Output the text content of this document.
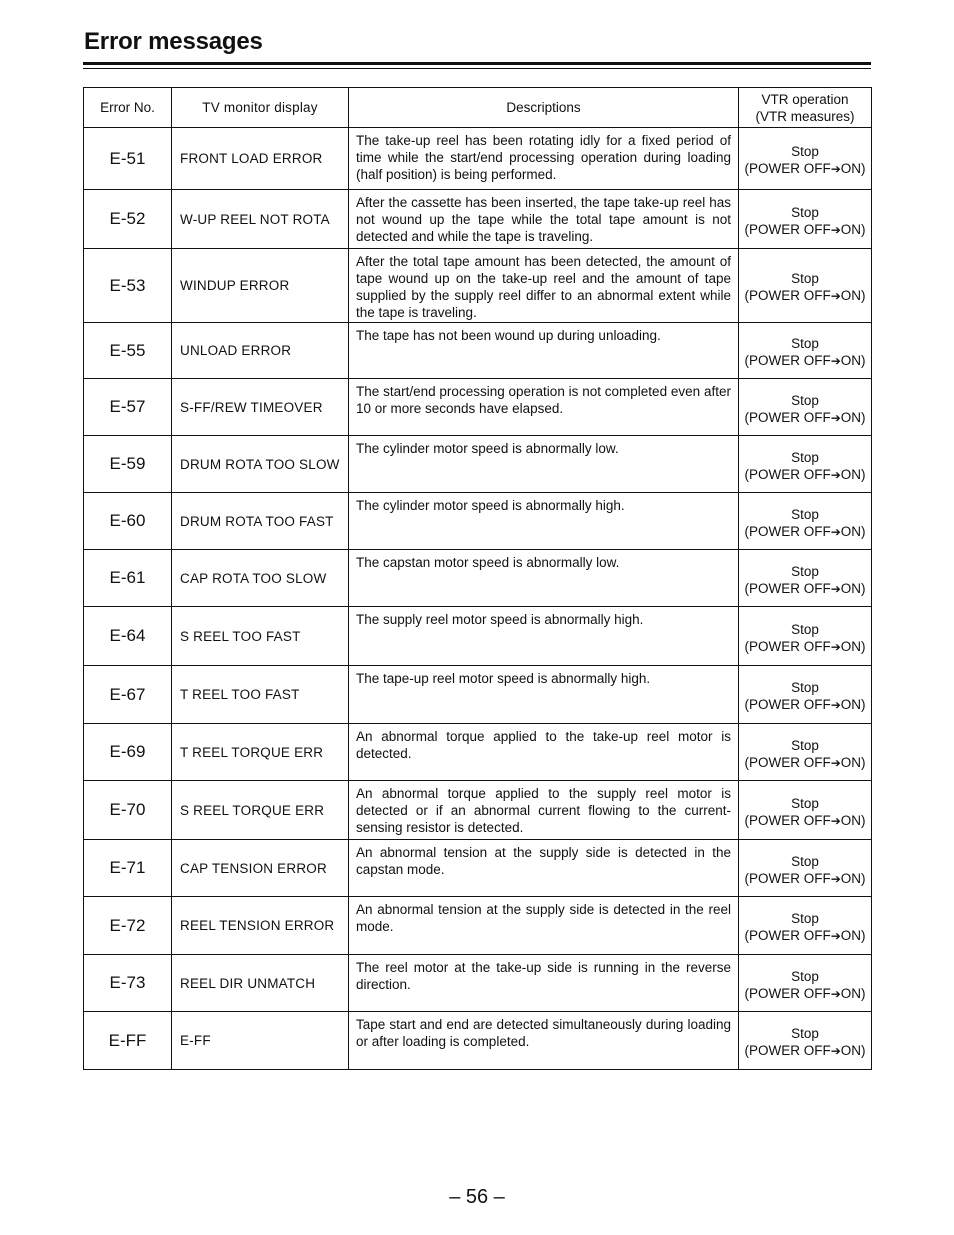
Error messages
Error No.	TV monitor display	Descriptions	VTR operation
(VTR measures)

E-51	FRONT LOAD ERROR	The take-up reel has been rotating idly for a fixed period of time while the start/end processing operation during loading (half position) is being performed.	Stop
(POWER OFF➔ON)

E-52	W-UP REEL NOT ROTA	After the cassette has been inserted, the tape take-up reel has not wound up the tape while the total tape amount is not detected and while the tape is traveling.	Stop
(POWER OFF➔ON)

E-53	WINDUP ERROR	After the total tape amount has been detected, the amount of tape wound up on the take-up reel and the amount of tape supplied by the supply reel differ to an abnormal extent while the tape is traveling.	Stop
(POWER OFF➔ON)

E-55	UNLOAD ERROR	The tape has not been wound up during unloading.	Stop
(POWER OFF➔ON)

E-57	S-FF/REW TIMEOVER	The start/end processing operation is not completed even after 10 or more seconds have elapsed.	Stop
(POWER OFF➔ON)

E-59	DRUM ROTA TOO SLOW	The cylinder motor speed is abnormally low.	Stop
(POWER OFF➔ON)

E-60	DRUM ROTA TOO FAST	The cylinder motor speed is abnormally high.	Stop
(POWER OFF➔ON)

E-61	CAP ROTA TOO SLOW	The capstan motor speed is abnormally low.	Stop
(POWER OFF➔ON)

E-64	S REEL TOO FAST	The supply reel motor speed is abnormally high.	Stop
(POWER OFF➔ON)

E-67	T REEL TOO FAST	The tape-up reel motor speed is abnormally high.	Stop
(POWER OFF➔ON)

E-69	T REEL TORQUE ERR	An abnormal torque applied to the take-up reel motor is detected.	Stop
(POWER OFF➔ON)

E-70	S REEL TORQUE ERR	An abnormal torque applied to the supply reel motor is detected or if an abnormal current flowing to the current-sensing resistor is detected.	Stop
(POWER OFF➔ON)

E-71	CAP TENSION ERROR	An abnormal tension at the supply side is detected in the capstan mode.	Stop
(POWER OFF➔ON)

E-72	REEL TENSION ERROR	An abnormal tension at the supply side is detected in the reel mode.	Stop
(POWER OFF➔ON)

E-73	REEL DIR UNMATCH	The reel motor at the take-up side is running in the reverse direction.	Stop
(POWER OFF➔ON)

E-FF	E-FF	Tape start and end are detected simultaneously during loading or after loading is completed.	Stop
(POWER OFF➔ON)
– 56 –
